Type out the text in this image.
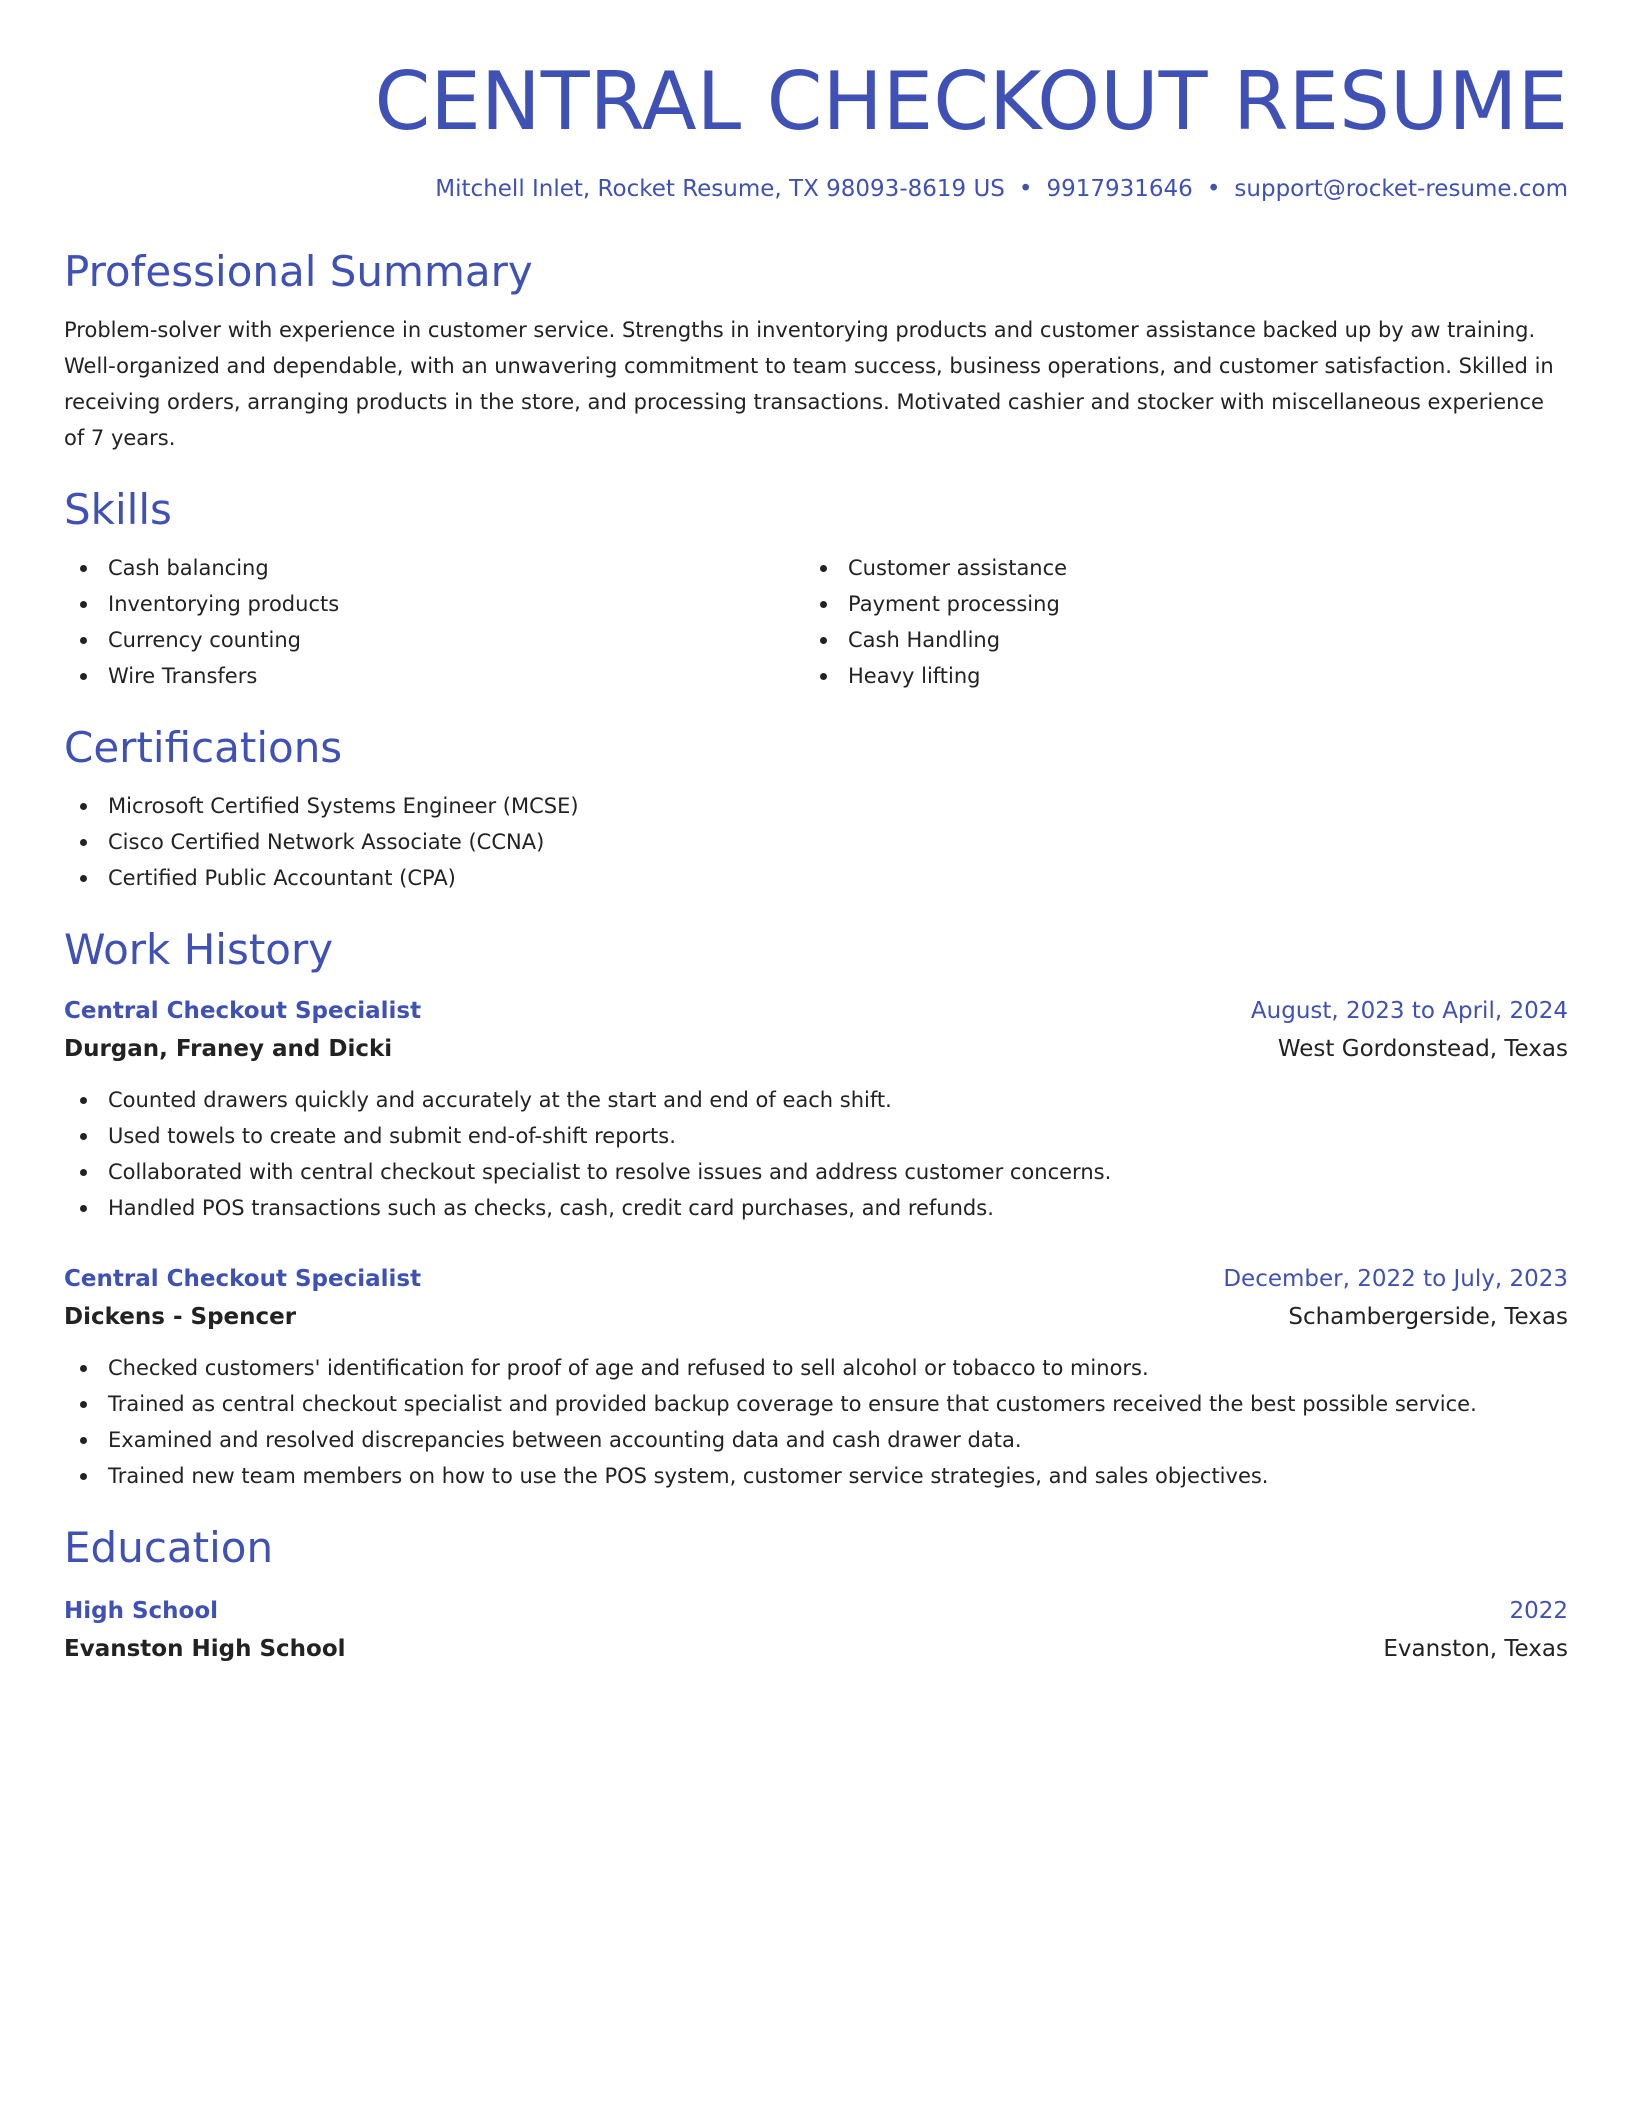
CENTRAL CHECKOUT RESUME
Mitchell Inlet, Rocket Resume, TX 98093-8619 US • 9917931646 • support@rocket-resume.com
Professional Summary

Problem-solver with experience in customer service. Strengths in inventorying products and customer assistance backed up by aw training. Well-organized and dependable, with an unwavering commitment to team success, business operations, and customer satisfaction. Skilled in receiving orders, arranging products in the store, and processing transactions. Motivated cashier and stocker with miscellaneous experience of 7 years.

Skills
Cash balancing
Inventorying products
Currency counting
Wire Transfers
Customer assistance
Payment processing
Cash Handling
Heavy lifting
Certifications
Microsoft Certified Systems Engineer (MCSE)
Cisco Certified Network Associate (CCNA)
Certified Public Accountant (CPA)
Work History
Central Checkout Specialist	August, 2023 to April, 2024
Durgan, Franey and Dicki	West Gordonstead, Texas
Counted drawers quickly and accurately at the start and end of each shift.
Used towels to create and submit end-of-shift reports.
Collaborated with central checkout specialist to resolve issues and address customer concerns.
Handled POS transactions such as checks, cash, credit card purchases, and refunds.
Central Checkout Specialist	December, 2022 to July, 2023
Dickens - Spencer	Schambergerside, Texas
Checked customers' identification for proof of age and refused to sell alcohol or tobacco to minors.
Trained as central checkout specialist and provided backup coverage to ensure that customers received the best possible service.
Examined and resolved discrepancies between accounting data and cash drawer data.
Trained new team members on how to use the POS system, customer service strategies, and sales objectives.
Education
High School	2022
Evanston High School	Evanston, Texas
